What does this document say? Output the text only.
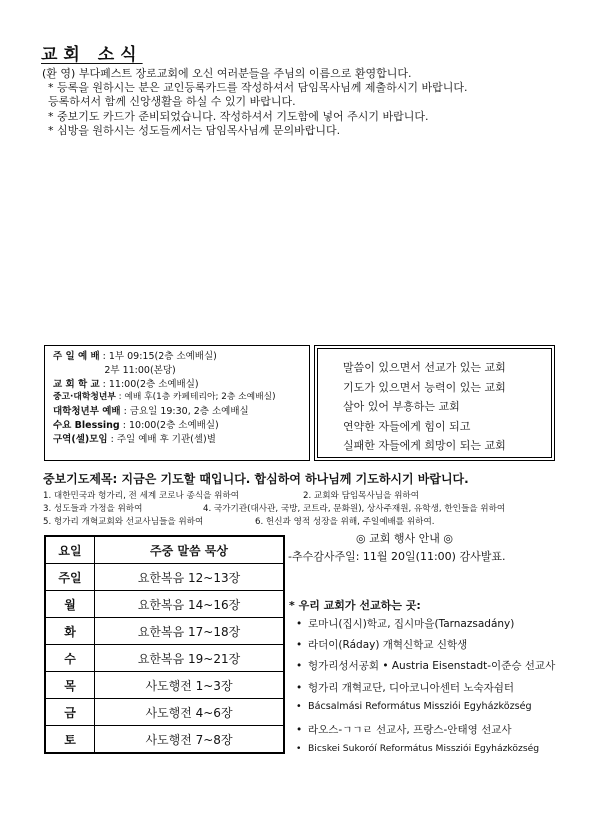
교회 소식
(환 영) 부다페스트 장로교회에 오신 여러분들을 주님의 이름으로 환영합니다.
* 등록을 원하시는 분은 교인등록카드를 작성하셔서 담임목사님께 제출하시기 바랍니다.
등록하셔서 함께 신앙생활을 하실 수 있기 바랍니다.
* 중보기도 카드가 준비되었습니다. 작성하셔서 기도함에 넣어 주시기 바랍니다.
* 심방을 원하시는 성도들께서는 담임목사님께 문의바랍니다.
주 일 예 배 : 1부 09:15(2층 소예배실)
2부 11:00(본당)
교 회 학 교 : 11:00(2층 소예배실)
중고·대학청년부 : 예배 후(1층 카페테리아; 2층 소예배실)
대학청년부 예배 : 금요일 19:30, 2층 소예배실
수요 Blessing : 10:00(2층 소예배실)
구역(셀)모임 : 주일 예배 후 기관(셀)별
말씀이 있으면서 선교가 있는 교회
기도가 있으면서 능력이 있는 교회
살아 있어 부흥하는 교회
연약한 자들에게 힘이 되고
실패한 자들에게 희망이 되는 교회
중보기도제목: 지금은 기도할 때입니다. 합심하여 하나님께 기도하시기 바랍니다.
1. 대한민국과 헝가리, 전 세계 코로나 종식을 위하여	2. 교회와 담임목사님을 위하여
3. 성도들과 가정을 위하여	4. 국가기관(대사관, 국방, 코트라, 문화원), 상사주재원, 유학생, 한인들을 위하여
5. 헝가리 개혁교회와 선교사님들을 위하여	6. 헌신과 영적 성장을 위해, 주일예배를 위하여.
요일	주중 말씀 묵상
주일	요한복음 12~13장
월	요한복음 14~16장
화	요한복음 17~18장
수	요한복음 19~21장
목	사도행전 1~3장
금	사도행전 4~6장
토	사도행전 7~8장
◎ 교회 행사 안내 ◎
-추수감사주일: 11월 20일(11:00) 감사발표.
* 우리 교회가 선교하는 곳:
• 로마니(집시)학교, 집시마을(Tarnazsadány)
• 라더이(Ráday) 개혁신학교 신학생
• 헝가리성서공회 • Austria Eisenstadt-이준승 선교사
• 헝가리 개혁교단, 디아코니아센터 노숙자쉼터
• Bácsalmási Református Missziói Egyházközség
• 라오스-ㄱㄱㄹ 선교사, 프랑스-안태영 선교사
• Bicskei Sukoróí Református Missziói Egyházközség
